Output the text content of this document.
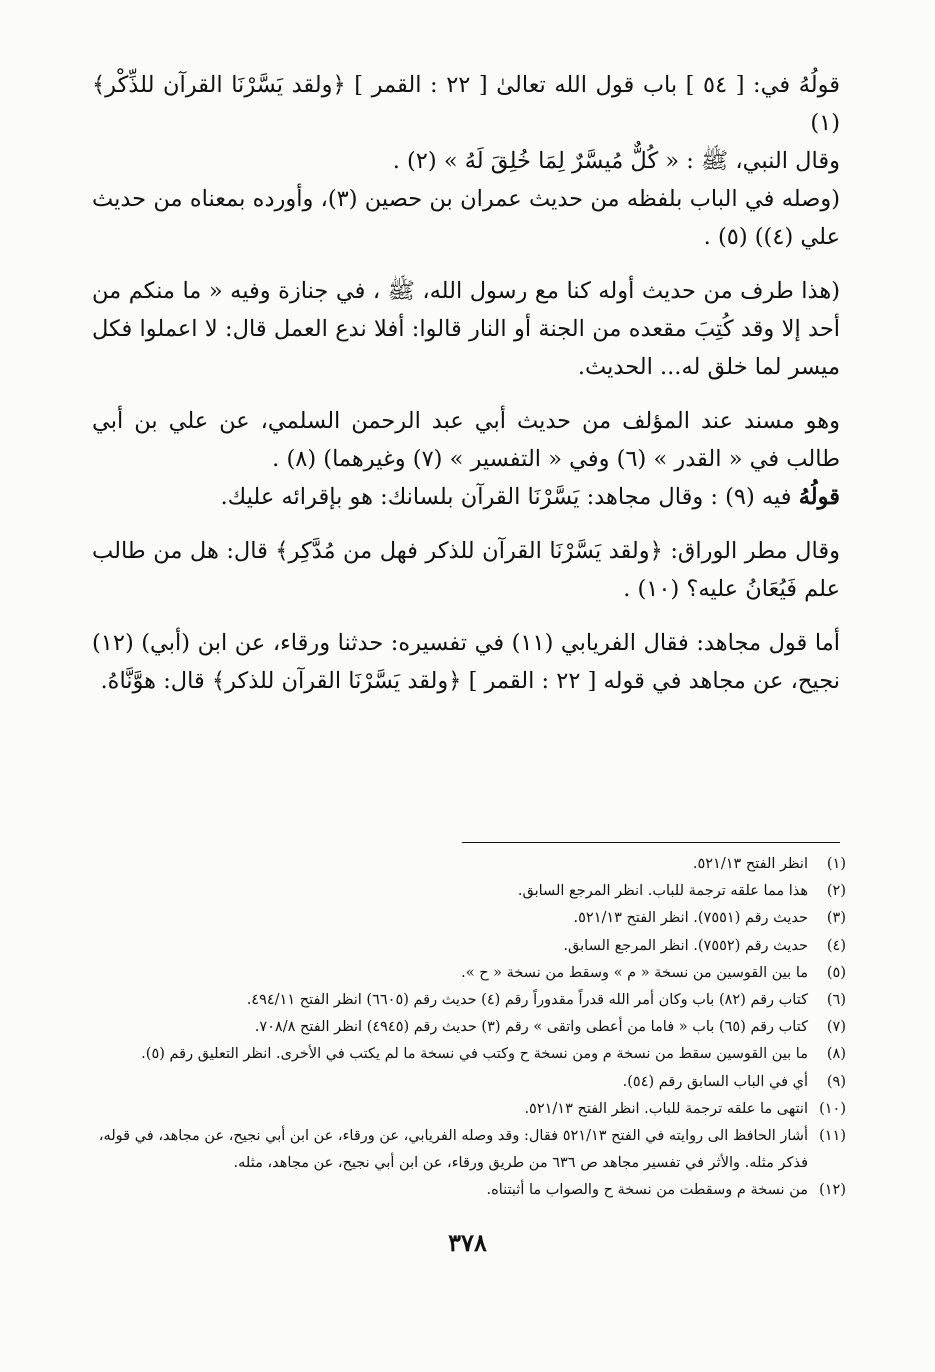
قولُهُ في: [ ٥٤ ] باب قول الله تعالىٰ [ ٢٢ : القمر ] ﴿ولقد يَسَّرْنَا القرآن للذِّكْر﴾ (١)

وقال النبي، ﷺ : « كُلٌّ مُيسَّرٌ لِمَا خُلِقَ لَهُ » (٢) .

(وصله في الباب بلفظه من حديث عمران بن حصين (٣)، وأورده بمعناه من حديث علي (٤)) (٥) .

(هذا طرف من حديث أوله كنا مع رسول الله، ﷺ ، في جنازة وفيه « ما منكم من أحد إلا وقد كُتِبَ مقعده من الجنة أو النار قالوا: أفلا ندع العمل قال: لا اعملوا فكل ميسر لما خلق له... الحديث.

وهو مسند عند المؤلف من حديث أبي عبد الرحمن السلمي، عن علي بن أبي طالب في « القدر » (٦) وفي « التفسير » (٧) وغيرهما) (٨) .

قولُهُ فيه (٩) : وقال مجاهد: يَسَّرْنَا القرآن بلسانك: هو بإقرائه عليك.

وقال مطر الوراق: ﴿ولقد يَسَّرْنَا القرآن للذكر فهل من مُدَّكِر﴾ قال: هل من طالب علم فَيُعَانُ عليه؟ (١٠) .

أما قول مجاهد: فقال الفريابي (١١) في تفسيره: حدثنا ورقاء، عن ابن (أبي) (١٢) نجيح، عن مجاهد في قوله [ ٢٢ : القمر ] ﴿ولقد يَسَّرْنَا القرآن للذكر﴾ قال: هوَّنَّاهُ.

(١)
انظر الفتح ٥٢١/١٣.
(٢)
هذا مما علقه ترجمة للباب. انظر المرجع السابق.
(٣)
حديث رقم (٧٥٥١). انظر الفتح ٥٢١/١٣.
(٤)
حديث رقم (٧٥٥٢). انظر المرجع السابق.
(٥)
ما بين القوسين من نسخة « م » وسقط من نسخة « ح ».
(٦)
كتاب رقم (٨٢) باب وكان أمر الله قدراً مقدوراً رقم (٤) حديث رقم (٦٦٠٥) انظر الفتح ٤٩٤/١١.
(٧)
كتاب رقم (٦٥) باب « فاما من أعطى واتقى » رقم (٣) حديث رقم (٤٩٤٥) انظر الفتح ٧٠٨/٨.
(٨)
ما بين القوسين سقط من نسخة م ومن نسخة ح وكتب في نسخة ما لم يكتب في الأخرى. انظر التعليق رقم (٥).
(٩)
أي في الباب السابق رقم (٥٤).
(١٠)
انتهى ما علقه ترجمة للباب. انظر الفتح ٥٢١/١٣.
(١١)
أشار الحافظ الى روايته في الفتح ٥٢١/١٣ فقال: وقد وصله الفريابي، عن ورقاء، عن ابن أبي نجيح، عن مجاهد، في قوله، فذكر مثله. والأثر في تفسير مجاهد ص ٦٣٦ من طريق ورقاء، عن ابن أبي نجيح، عن مجاهد، مثله.
(١٢)
من نسخة م وسقطت من نسخة ح والصواب ما أثبتناه.
٣٧٨
